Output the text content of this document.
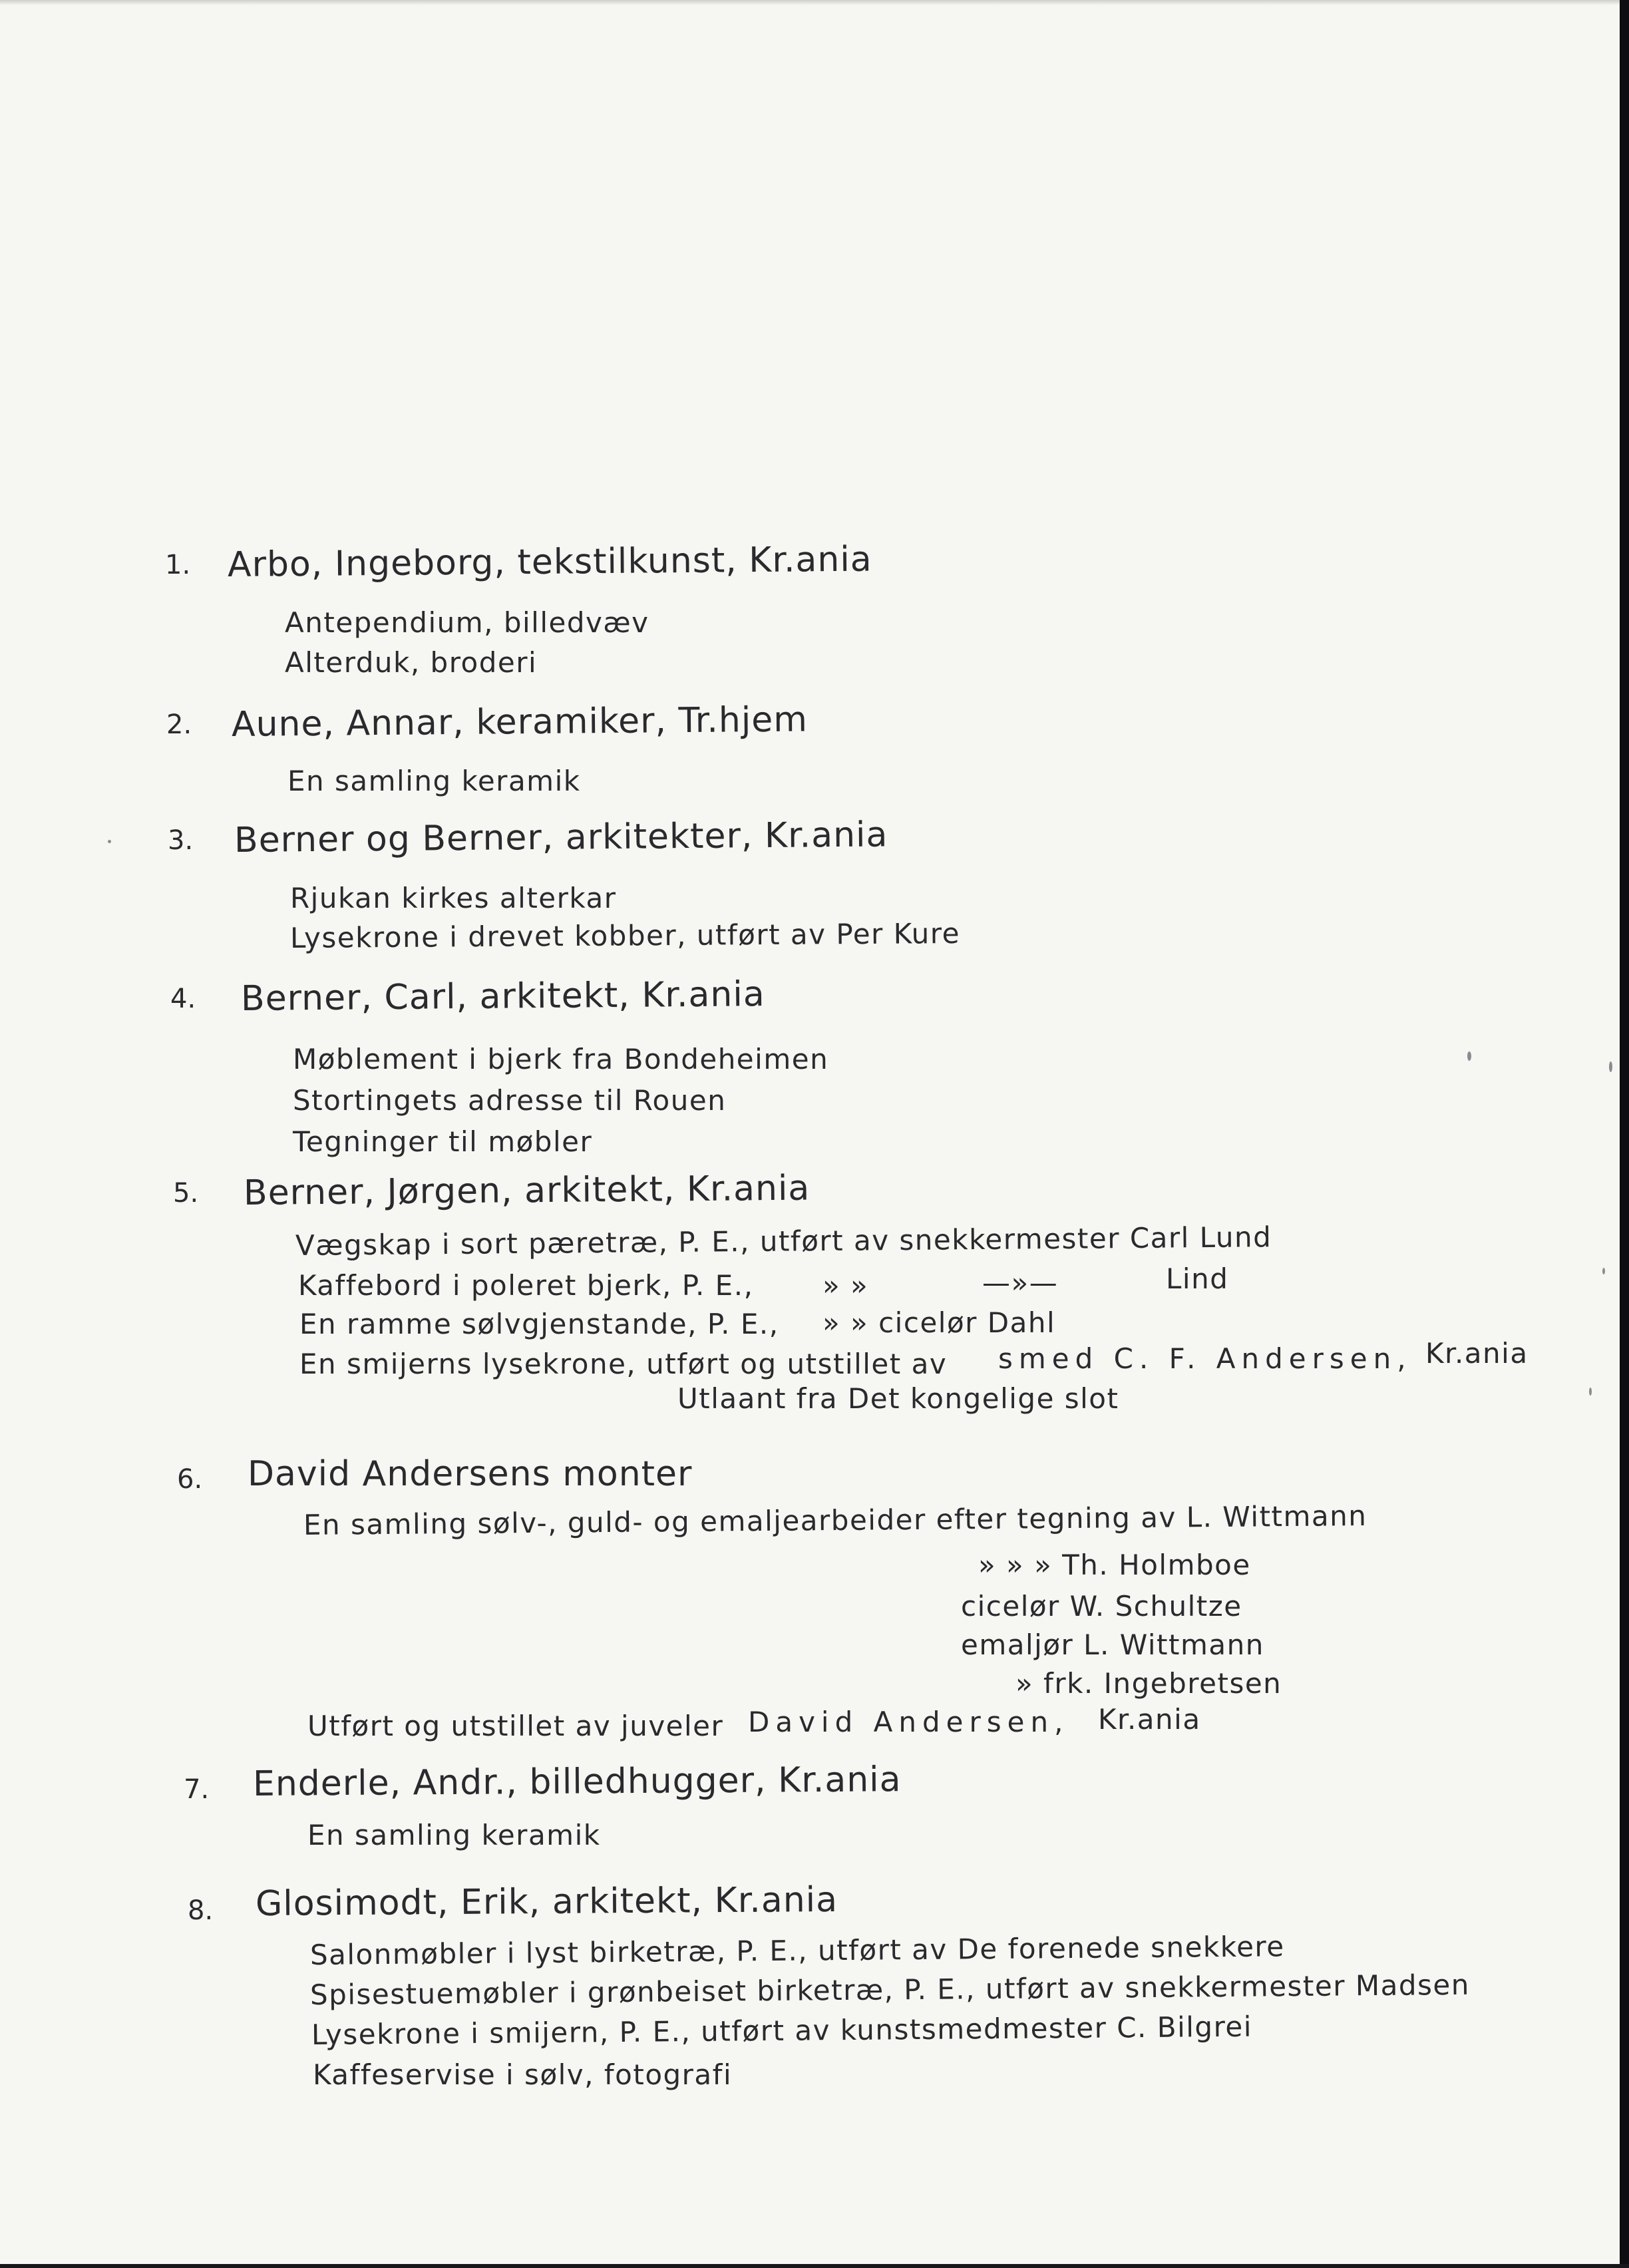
1. Arbo, Ingeborg, tekstilkunst, Kr.ania
Antependium, billedvæv
Alterduk, broderi
2. Aune, Annar, keramiker, Tr.hjem
En samling keramik
3. Berner og Berner, arkitekter, Kr.ania
Rjukan kirkes alterkar
Lysekrone i drevet kobber, utført av Per Kure
4. Berner, Carl, arkitekt, Kr.ania
Møblement i bjerk fra Bondeheimen
Stortingets adresse til Rouen
Tegninger til møbler
5. Berner, Jørgen, arkitekt, Kr.ania
Vægskap i sort pæretræ, P. E., utført av snekkermester Carl Lund
Kaffebord i poleret bjerk, P. E., » »	—»—	Lind
En ramme sølvgjenstande, P. E., » » cicelør Dahl
En smijerns lysekrone, utført og utstillet av smed C. F. Andersen, Kr.ania
Utlaant fra Det kongelige slot
6. David Andersens monter
En samling sølv-, guld- og emaljearbeider efter tegning av L. Wittmann
» » » Th. Holmboe
cicelør W. Schultze
emaljør L. Wittmann
» frk. Ingebretsen
Utført og utstillet av juveler David Andersen, Kr.ania
7. Enderle, Andr., billedhugger, Kr.ania
En samling keramik
8. Glosimodt, Erik, arkitekt, Kr.ania
Salonmøbler i lyst birketræ, P. E., utført av De forenede snekkere
Spisestuemøbler i grønbeiset birketræ, P. E., utført av snekkermester Madsen
Lysekrone i smijern, P. E., utført av kunstsmedmester C. Bilgrei
Kaffeservise i sølv, fotografi
